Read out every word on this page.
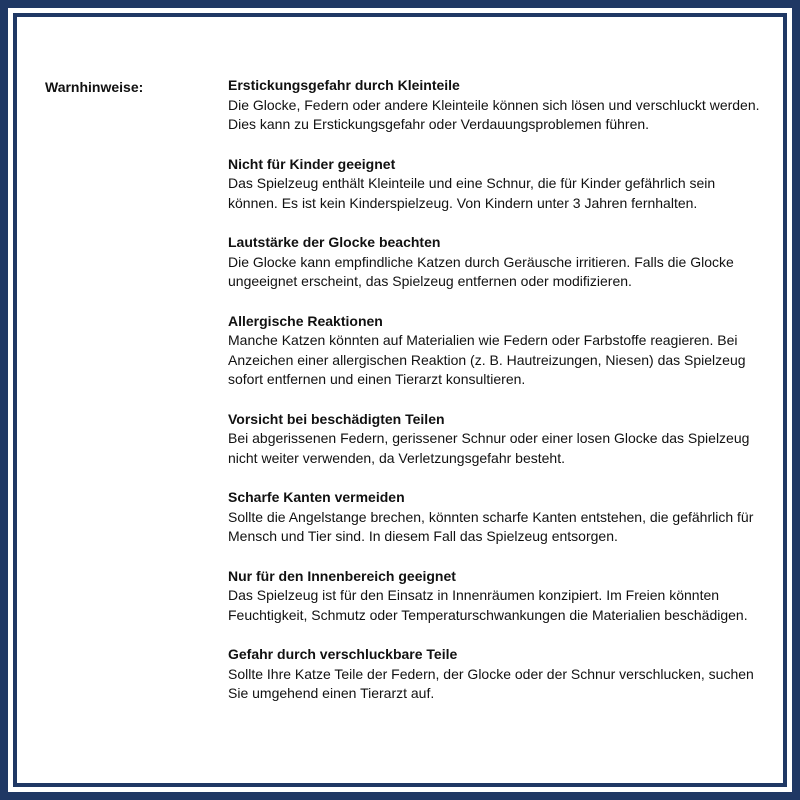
Warnhinweise:	Erstickungsgefahr durch Kleinteile

Die Glocke, Federn oder andere Kleinteile können sich lösen und verschluckt werden. Dies kann zu Erstickungsgefahr oder Verdauungsproblemen führen.

Nicht für Kinder geeignet

Das Spielzeug enthält Kleinteile und eine Schnur, die für Kinder gefährlich sein können. Es ist kein Kinderspielzeug. Von Kindern unter 3 Jahren fernhalten.

Lautstärke der Glocke beachten

Die Glocke kann empfindliche Katzen durch Geräusche irritieren. Falls die Glocke ungeeignet erscheint, das Spielzeug entfernen oder modifizieren.

Allergische Reaktionen

Manche Katzen könnten auf Materialien wie Federn oder Farbstoffe reagieren. Bei Anzeichen einer allergischen Reaktion (z. B. Hautreizungen, Niesen) das Spielzeug sofort entfernen und einen Tierarzt konsultieren.

Vorsicht bei beschädigten Teilen

Bei abgerissenen Federn, gerissener Schnur oder einer losen Glocke das Spielzeug nicht weiter verwenden, da Verletzungsgefahr besteht.

Scharfe Kanten vermeiden

Sollte die Angelstange brechen, könnten scharfe Kanten entstehen, die gefährlich für Mensch und Tier sind. In diesem Fall das Spielzeug entsorgen.

Nur für den Innenbereich geeignet

Das Spielzeug ist für den Einsatz in Innenräumen konzipiert. Im Freien könnten Feuchtigkeit, Schmutz oder Temperaturschwankungen die Materialien beschädigen.

Gefahr durch verschluckbare Teile

Sollte Ihre Katze Teile der Federn, der Glocke oder der Schnur verschlucken, suchen Sie umgehend einen Tierarzt auf.
